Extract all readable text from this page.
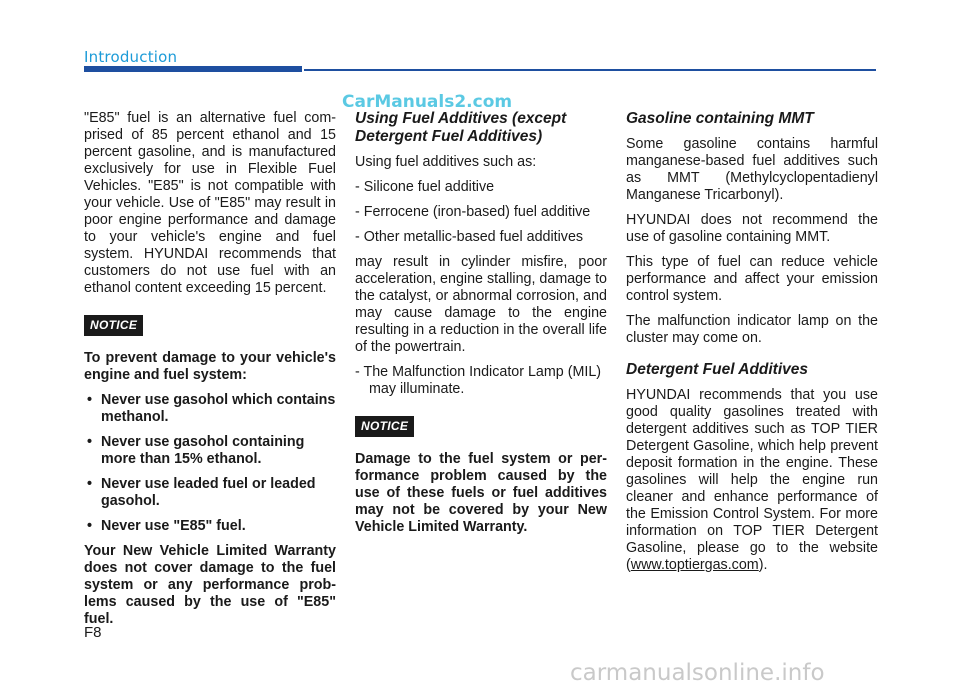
Introduction
CarManuals2.com

"E85" fuel is an alternative fuel comprised of 85 percent ethanol and 15 percent gasoline, and is manufactured exclusively for use in Flexible Fuel Vehicles. "E85" is not compatible with your vehicle. Use of "E85" may result in poor engine performance and damage to your vehicle's engine and fuel system. HYUNDAI recommends that customers do not use fuel with an ethanol content exceeding 15 percent.

NOTICE

To prevent damage to your vehicle's engine and fuel system:

• Never use gasohol which contains methanol.
• Never use gasohol containing more than 15% ethanol.
• Never use leaded fuel or leaded gasohol.
• Never use "E85" fuel.

Your New Vehicle Limited Warranty does not cover damage to the fuel system or any performance problems caused by the use of "E85" fuel.

Using Fuel Additives (except Detergent Fuel Additives)

Using fuel additives such as:

- Silicone fuel additive

- Ferrocene (iron-based) fuel additive

- Other metallic-based fuel additives

may result in cylinder misfire, poor acceleration, engine stalling, damage to the catalyst, or abnormal corrosion, and may cause damage to the engine resulting in a reduction in the overall life of the powertrain.

- The Malfunction Indicator Lamp (MIL) may illuminate.

NOTICE

Damage to the fuel system or performance problem caused by the use of these fuels or fuel additives may not be covered by your New Vehicle Limited Warranty.

Gasoline containing MMT

Some gasoline contains harmful manganese-based fuel additives such as MMT (Methylcyclopentadienyl Manganese Tricarbonyl).

HYUNDAI does not recommend the use of gasoline containing MMT.

This type of fuel can reduce vehicle performance and affect your emission control system.

The malfunction indicator lamp on the cluster may come on.

Detergent Fuel Additives

HYUNDAI recommends that you use good quality gasolines treated with detergent additives such as TOP TIER Detergent Gasoline, which help prevent deposit formation in the engine. These gasolines will help the engine run cleaner and enhance performance of the Emission Control System. For more information on TOP TIER Detergent Gasoline, please go to the website (www.toptiergas.com).

F8
carmanualsonline.info
